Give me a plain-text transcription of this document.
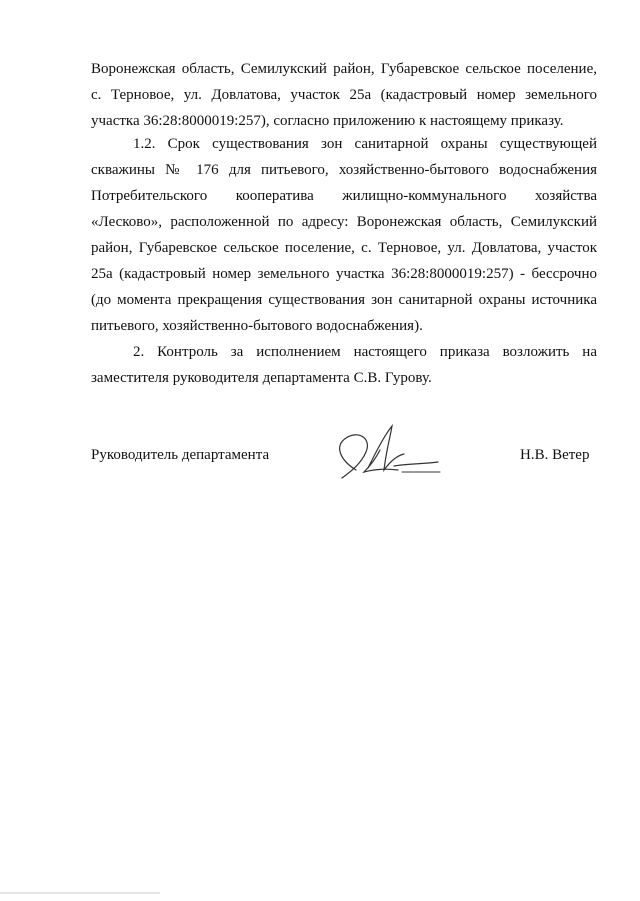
Воронежская область, Семилукский район, Губаревское сельское поселение,
с. Терновое, ул. Довлатова, участок 25а (кадастровый номер земельного
участка 36:28:8000019:257), согласно приложению к настоящему приказу.
1.2. Срок существования зон санитарной охраны существующей
скважины № 176 для питьевого, хозяйственно-бытового водоснабжения
Потребительского кооператива жилищно-коммунального хозяйства
«Лесково», расположенной по адресу: Воронежская область, Семилукский
район, Губаревское сельское поселение, с. Терновое, ул. Довлатова, участок
25а (кадастровый номер земельного участка 36:28:8000019:257) - бессрочно
(до момента прекращения существования зон санитарной охраны источника
питьевого, хозяйственно-бытового водоснабжения).
2. Контроль за исполнением настоящего приказа возложить на
заместителя руководителя департамента С.В. Гурову.
Руководитель департамента	Н.В. Ветер
